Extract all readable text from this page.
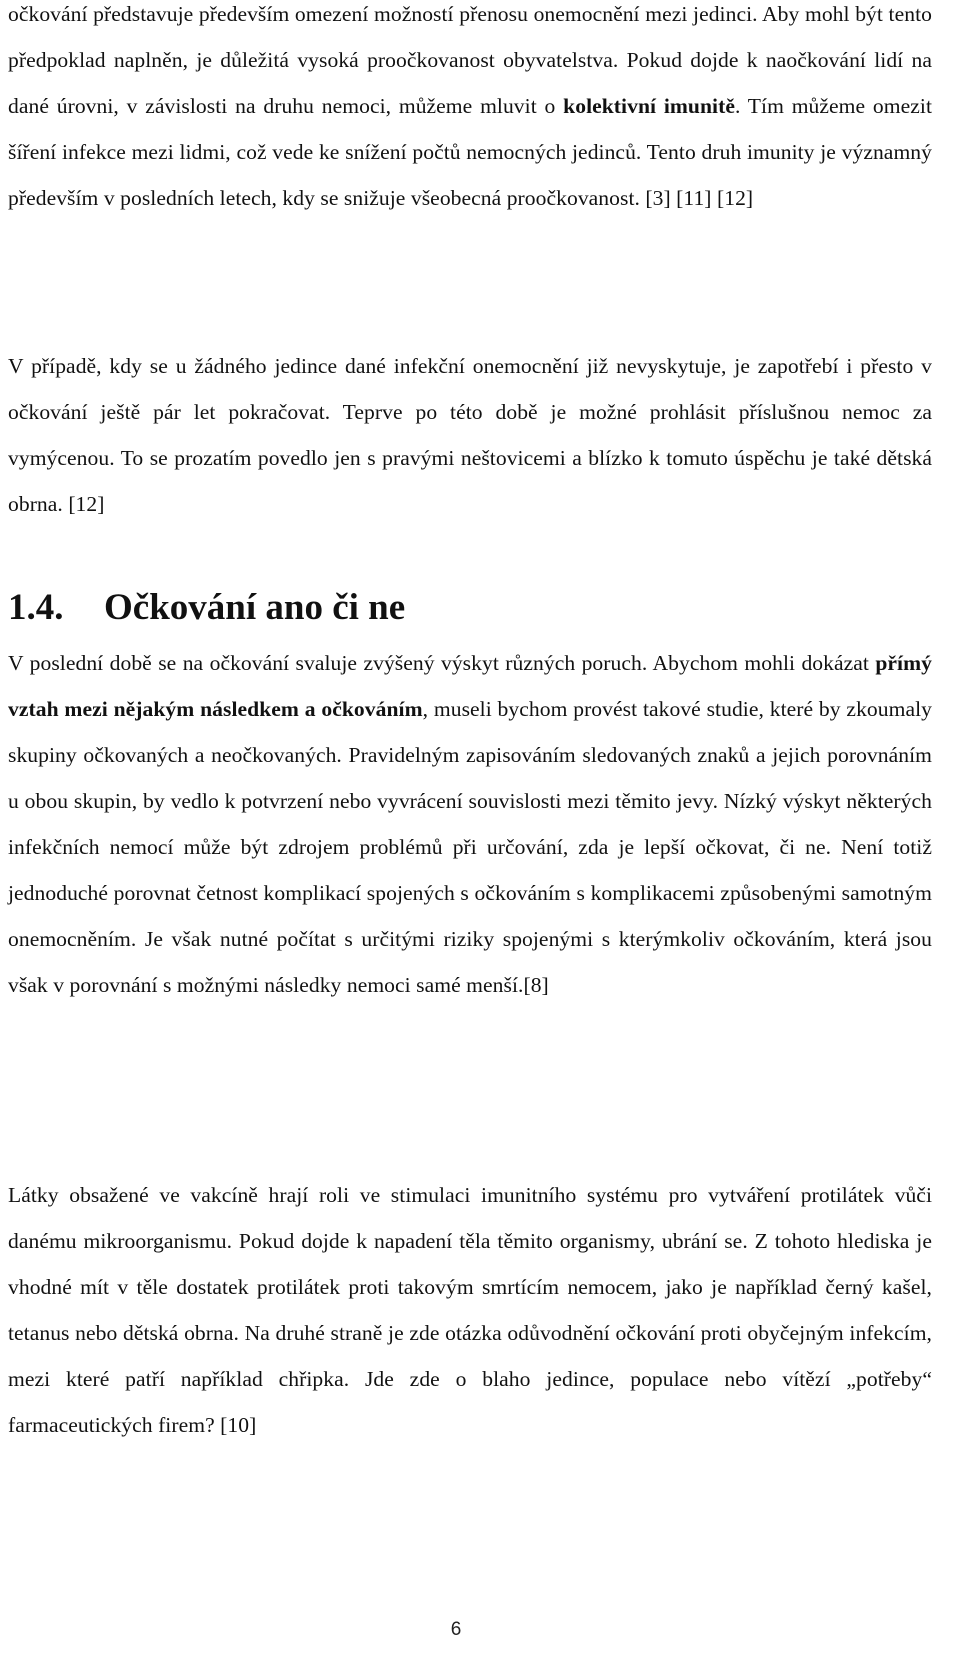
očkování představuje především omezení možností přenosu onemocnění mezi jedinci. Aby mohl být tento předpoklad naplněn, je důležitá vysoká proočkovanost obyvatelstva. Pokud dojde k naočkování lidí na dané úrovni, v závislosti na druhu nemoci, můžeme mluvit o kolektivní imunitě. Tím můžeme omezit šíření infekce mezi lidmi, což vede ke snížení počtů nemocných jedinců. Tento druh imunity je významný především v posledních letech, kdy se snižuje všeobecná proočkovanost. [3] [11] [12]

V případě, kdy se u žádného jedince dané infekční onemocnění již nevyskytuje, je zapotřebí i přesto v očkování ještě pár let pokračovat. Teprve po této době je možné prohlásit příslušnou nemoc za vymýcenou. To se prozatím povedlo jen s pravými neštovicemi a blízko k tomuto úspěchu je také dětská obrna. [12]

1.4. Očkování ano či ne

V poslední době se na očkování svaluje zvýšený výskyt různých poruch. Abychom mohli dokázat přímý vztah mezi nějakým následkem a očkováním, museli bychom provést takové studie, které by zkoumaly skupiny očkovaných a neočkovaných. Pravidelným zapisováním sledovaných znaků a jejich porovnáním u obou skupin, by vedlo k potvrzení nebo vyvrácení souvislosti mezi těmito jevy. Nízký výskyt některých infekčních nemocí může být zdrojem problémů při určování, zda je lepší očkovat, či ne. Není totiž jednoduché porovnat četnost komplikací spojených s očkováním s komplikacemi způsobenými samotným onemocněním. Je však nutné počítat s určitými riziky spojenými s kterýmkoliv očkováním, která jsou však v porovnání s možnými následky nemoci samé menší.[8]

Látky obsažené ve vakcíně hrají roli ve stimulaci imunitního systému pro vytváření protilátek vůči danému mikroorganismu. Pokud dojde k napadení těla těmito organismy, ubrání se. Z tohoto hlediska je vhodné mít v těle dostatek protilátek proti takovým smrtícím nemocem, jako je například černý kašel, tetanus nebo dětská obrna. Na druhé straně je zde otázka odůvodnění očkování proti obyčejným infekcím, mezi které patří například chřipka. Jde zde o blaho jedince, populace nebo vítězí „potřeby“ farmaceutických firem? [10]

6
